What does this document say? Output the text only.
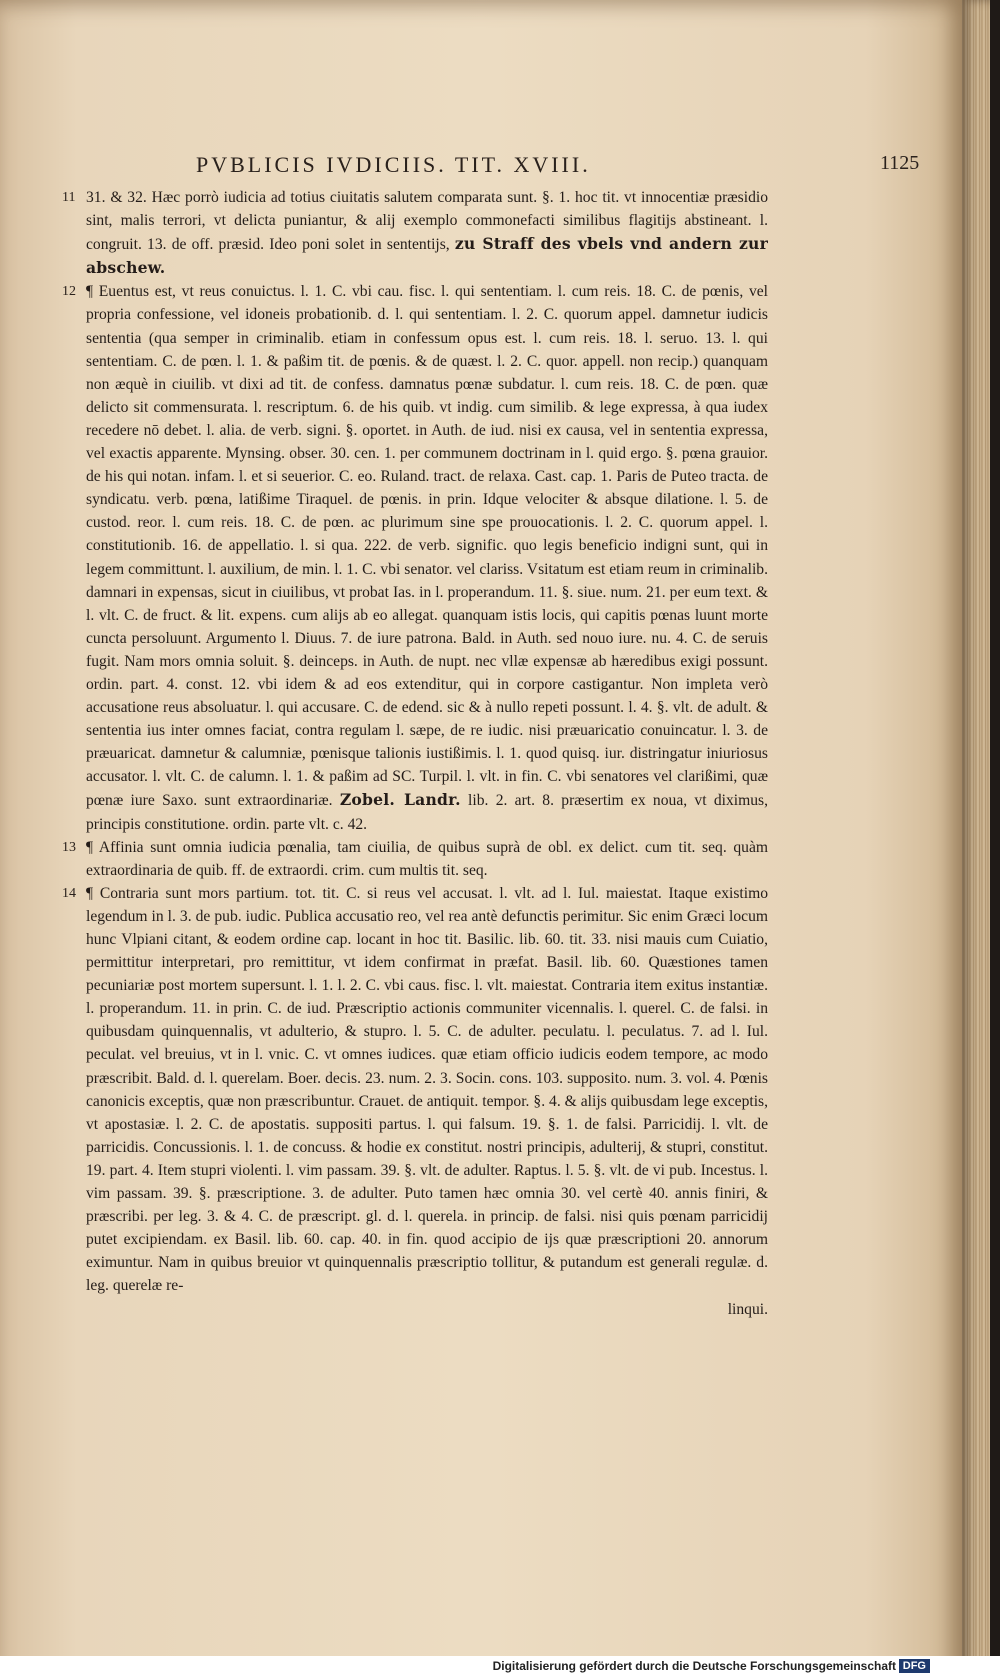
PVBLICIS IVDICIIS. TIT. XVIII.	1125

11 31. & 32. Hæc porrò iudicia ad totius ciuitatis salutem comparata sunt. §. 1. hoc tit. vt innocentiæ præsidio sint, malis terrori, vt delicta puniantur, & alij exemplo commonefacti similibus flagitijs abstineant. l. congruit. 13. de off. præsid. Ideo poni solet in sententijs, zu Straff des vbels vnd andern zur abschew.

12 ¶ Euentus est, vt reus conuictus. l. 1. C. vbi cau. fisc. l. qui sententiam. l. cum reis. 18. C. de pœnis, vel propria confessione, vel idoneis probationib. d. l. qui sententiam. l. 2. C. quorum appel. damnetur iudicis sententia (qua semper in criminalib. etiam in confessum opus est. l. cum reis. 18. l. seruo. 13. l. qui sententiam. C. de pœn. l. 1. & paßim tit. de pœnis. & de quæst. l. 2. C. quor. appell. non recip.) quanquam non æquè in ciuilib. vt dixi ad tit. de confess. damnatus pœnæ subdatur. l. cum reis. 18. C. de pœn. quæ delicto sit commensurata. l. rescriptum. 6. de his quib. vt indig. cum similib. & lege expressa, à qua iudex recedere nō debet. l. alia. de verb. signi. §. oportet. in Auth. de iud. nisi ex causa, vel in sententia expressa, vel exactis apparente. Mynsing. obser. 30. cen. 1. per communem doctrinam in l. quid ergo. §. pœna grauior. de his qui notan. infam. l. et si seuerior. C. eo. Ruland. tract. de relaxa. Cast. cap. 1. Paris de Puteo tracta. de syndicatu. verb. pœna, latißime Tiraquel. de pœnis. in prin. Idque velociter & absque dilatione. l. 5. de custod. reor. l. cum reis. 18. C. de pœn. ac plurimum sine spe prouocationis. l. 2. C. quorum appel. l. constitutionib. 16. de appellatio. l. si qua. 222. de verb. signific. quo legis beneficio indigni sunt, qui in legem committunt. l. auxilium, de min. l. 1. C. vbi senator. vel clariss. Vsitatum est etiam reum in criminalib. damnari in expensas, sicut in ciuilibus, vt probat Ias. in l. properandum. 11. §. siue. num. 21. per eum text. & l. vlt. C. de fruct. & lit. expens. cum alijs ab eo allegat. quanquam istis locis, qui capitis pœnas luunt morte cuncta persoluunt. Argumento l. Diuus. 7. de iure patrona. Bald. in Auth. sed nouo iure. nu. 4. C. de seruis fugit. Nam mors omnia soluit. §. deinceps. in Auth. de nupt. nec vllæ expensæ ab hæredibus exigi possunt. ordin. part. 4. const. 12. vbi idem & ad eos extenditur, qui in corpore castigantur. Non impleta verò accusatione reus absoluatur. l. qui accusare. C. de edend. sic & à nullo repeti possunt. l. 4. §. vlt. de adult. & sententia ius inter omnes faciat, contra regulam l. sæpe, de re iudic. nisi præuaricatio conuincatur. l. 3. de præuaricat. damnetur & calumniæ, pœnisque talionis iustißimis. l. 1. quod quisq. iur. distringatur iniuriosus accusator. l. vlt. C. de calumn. l. 1. & paßim ad SC. Turpil. l. vlt. in fin. C. vbi senatores vel clarißimi, quæ pœnæ iure Saxo. sunt extraordinariæ. Zobel. Landr. lib. 2. art. 8. præsertim ex noua, vt diximus, principis constitutione. ordin. parte vlt. c. 42.

13 ¶ Affinia sunt omnia iudicia pœnalia, tam ciuilia, de quibus suprà de obl. ex delict. cum tit. seq. quàm extraordinaria de quib. ff. de extraordi. crim. cum multis tit. seq.

14 ¶ Contraria sunt mors partium. tot. tit. C. si reus vel accusat. l. vlt. ad l. Iul. maiestat. Itaque existimo legendum in l. 3. de pub. iudic. Publica accusatio reo, vel rea antè defunctis perimitur. Sic enim Græci locum hunc Vlpiani citant, & eodem ordine cap. locant in hoc tit. Basilic. lib. 60. tit. 33. nisi mauis cum Cuiatio, permittitur interpretari, pro remittitur, vt idem confirmat in præfat. Basil. lib. 60. Quæstiones tamen pecuniariæ post mortem supersunt. l. 1. l. 2. C. vbi caus. fisc. l. vlt. maiestat. Contraria item exitus instantiæ. l. properandum. 11. in prin. C. de iud. Præscriptio actionis communiter vicennalis. l. querel. C. de falsi. in quibusdam quinquennalis, vt adulterio, & stupro. l. 5. C. de adulter. peculatu. l. peculatus. 7. ad l. Iul. peculat. vel breuius, vt in l. vnic. C. vt omnes iudices. quæ etiam officio iudicis eodem tempore, ac modo præscribit. Bald. d. l. querelam. Boer. decis. 23. num. 2. 3. Socin. cons. 103. supposito. num. 3. vol. 4. Pœnis canonicis exceptis, quæ non præscribuntur. Crauet. de antiquit. tempor. §. 4. & alijs quibusdam lege exceptis, vt apostasiæ. l. 2. C. de apostatis. suppositi partus. l. qui falsum. 19. §. 1. de falsi. Parricidij. l. vlt. de parricidis. Concussionis. l. 1. de concuss. & hodie ex constitut. nostri principis, adulterij, & stupri, constitut. 19. part. 4. Item stupri violenti. l. vim passam. 39. §. vlt. de adulter. Raptus. l. 5. §. vlt. de vi pub. Incestus. l. vim passam. 39. §. præscriptione. 3. de adulter. Puto tamen hæc omnia 30. vel certè 40. annis finiri, & præscribi. per leg. 3. & 4. C. de præscript. gl. d. l. querela. in princip. de falsi. nisi quis pœnam parricidij putet excipiendam. ex Basil. lib. 60. cap. 40. in fin. quod accipio de ijs quæ præscriptioni 20. annorum eximuntur. Nam in quibus breuior vt quinquennalis præscriptio tollitur, & putandum est generali regulæ. d. leg. querelæ re-

linqui.
Digitalisierung gefördert durch die Deutsche Forschungsgemeinschaft DFG
